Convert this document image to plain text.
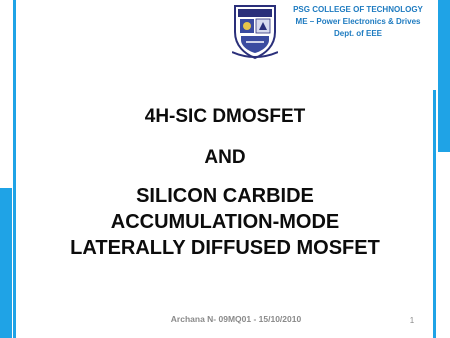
PSG COLLEGE OF TECHNOLOGY
ME – Power Electronics & Drives
Dept. of EEE
4H-SIC DMOSFET
AND
SILICON CARBIDE
ACCUMULATION-MODE
LATERALLY DIFFUSED MOSFET
Archana N- 09MQ01 - 15/10/2010	1
